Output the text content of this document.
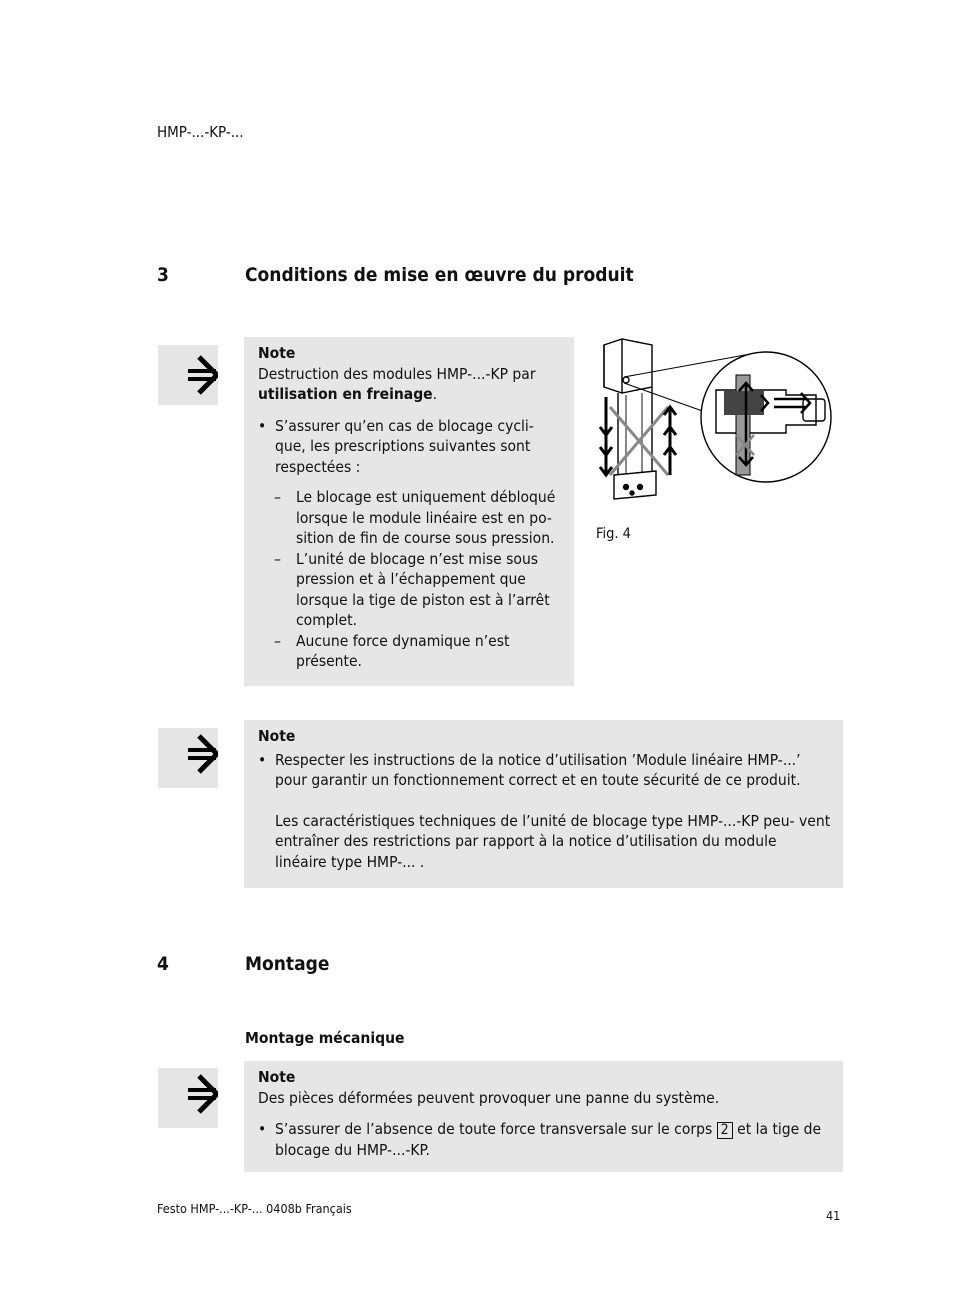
HMP-...-KP-...
3	Conditions de mise en œuvre du produit
Note
Destruction des modules HMP-...-KP par utilisation en freinage.
• S’assurer qu’en cas de blocage cycli- que, les prescriptions suivantes sont respectées :
– Le blocage est uniquement débloqué lorsque le module linéaire est en po- sition de fin de course sous pression.
– L’unité de blocage n’est mise sous pression et à l’échappement que lorsque la tige de piston est à l’arrêt complet.
– Aucune force dynamique n’est présente.
Fig. 4
Note
• Respecter les instructions de la notice d’utilisation ’Module linéaire HMP-...’ pour garantir un fonctionnement correct et en toute sécurité de ce produit.
Les caractéristiques techniques de l’unité de blocage type HMP-...-KP peu- vent entraîner des restrictions par rapport à la notice d’utilisation du module linéaire type HMP-... .
4	Montage
Montage mécanique
Note
Des pièces déformées peuvent provoquer une panne du système.
• S’assurer de l’absence de toute force transversale sur le corps 2 et la tige de blocage du HMP-...-KP.
Festo HMP-...-KP-... 0408b Français	41
